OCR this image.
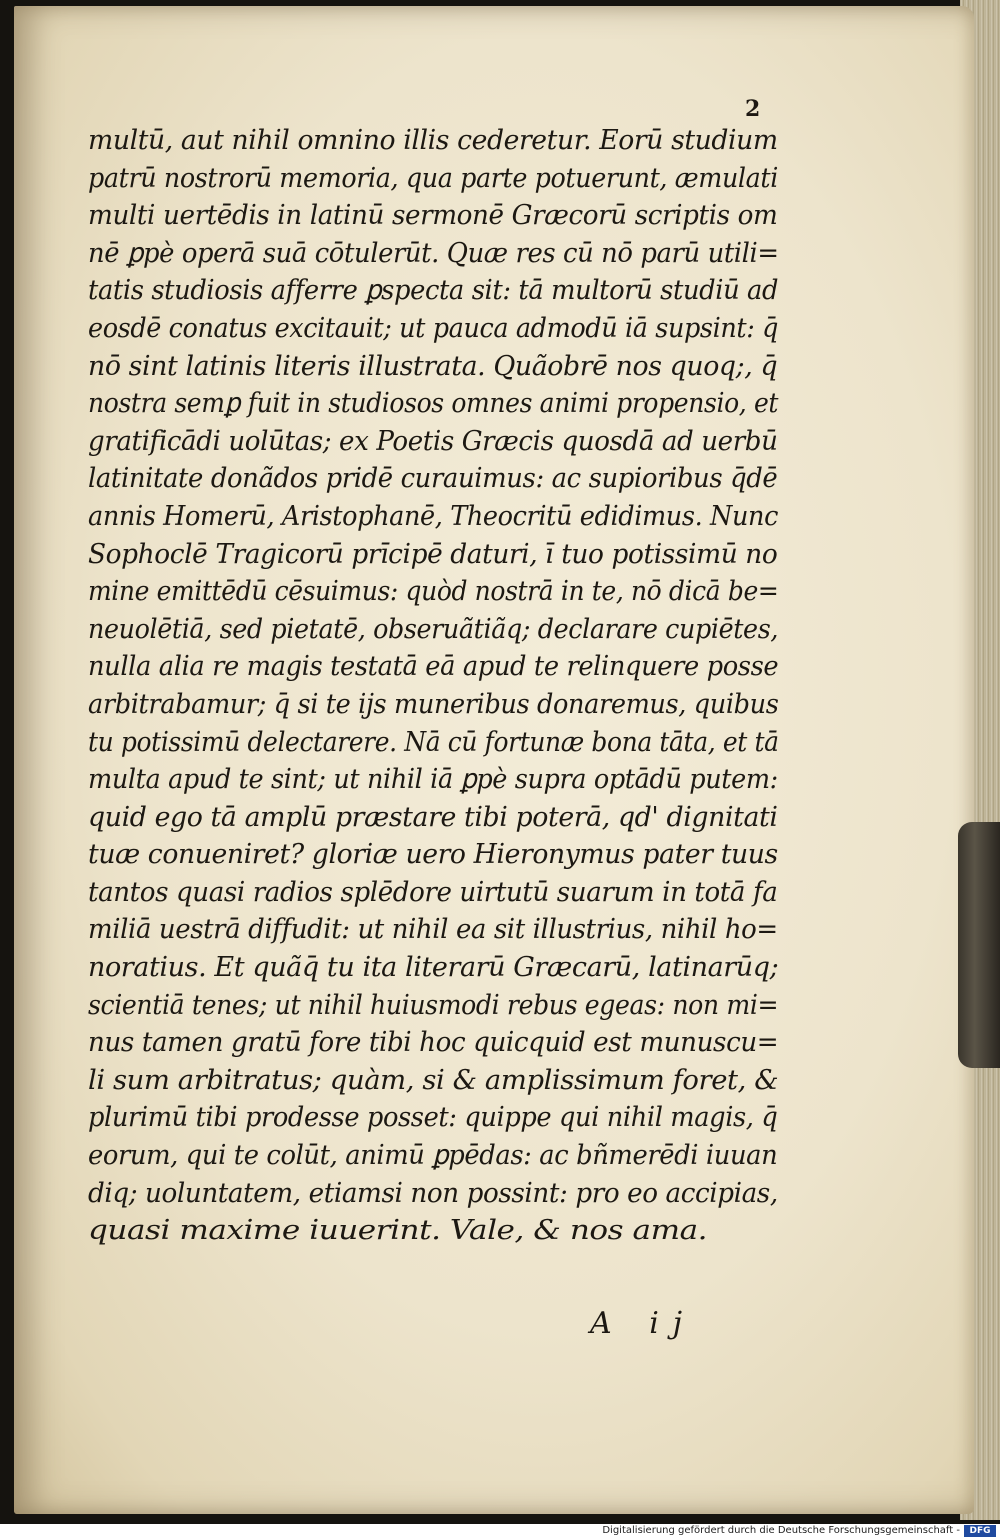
2
multū, aut nihil omnino illis cederetur. Eorū studium
patrū nostrorū memoria, qua parte potuerunt, æmulati
multi uertēdis in latinū sermonē Græcorū scriptis om
nē ꝑpè operā suā cōtulerūt. Quæ res cū nō parū utili=
tatis studiosis afferre ꝑspecta sit: tā multorū studiū ad
eosdē conatus excitauit; ut pauca admodū iā supsint: q̄
nō sint latinis literis illustrata. Quãobrē nos quoq;, q̄
nostra semꝑ fuit in studiosos omnes animi propensio, et
gratificādi uolūtas; ex Poetis Græcis quosdā ad uerbū
latinitate donãdos pridē curauimus: ac supioribus q̄dē
annis Homerū, Aristophanē, Theocritū edidimus. Nunc
Sophoclē Tragicorū prīcipē daturi, ī tuo potissimū no
mine emittēdū cēsuimus: quòd nostrā in te, nō dicā be=
neuolētiā, sed pietatē, obseruãtiãq; declarare cupiētes,
nulla alia re magis testatā eā apud te relinquere posse
arbitrabamur; q̄ si te ijs muneribus donaremus, quibus
tu potissimū delectarere. Nā cū fortunæ bona tāta, et tā
multa apud te sint; ut nihil iā ꝑpè supra optādū putem:
quid ego tā amplū præstare tibi poterā, qd' dignitati
tuæ conueniret? gloriæ uero Hieronymus pater tuus
tantos quasi radios splēdore uirtutū suarum in totā fa
miliā uestrā diffudit: ut nihil ea sit illustrius, nihil ho=
noratius. Et quãq̄ tu ita literarū Græcarū, latinarūq;
scientiā tenes; ut nihil huiusmodi rebus egeas: non mi=
nus tamen gratū fore tibi hoc quicquid est munuscu=
li sum arbitratus; quàm, si & amplissimum foret, &
plurimū tibi prodesse posset: quippe qui nihil magis, q̄
eorum, qui te colūt, animū ꝑpēdas: ac bñmerēdi iuuan
diq; uoluntatem, etiamsi non possint: pro eo accipias,
quasi maxime iuuerint. Vale, & nos ama.
A ij
Digitalisierung gefördert durch die Deutsche Forschungsgemeinschaft -	DFG
